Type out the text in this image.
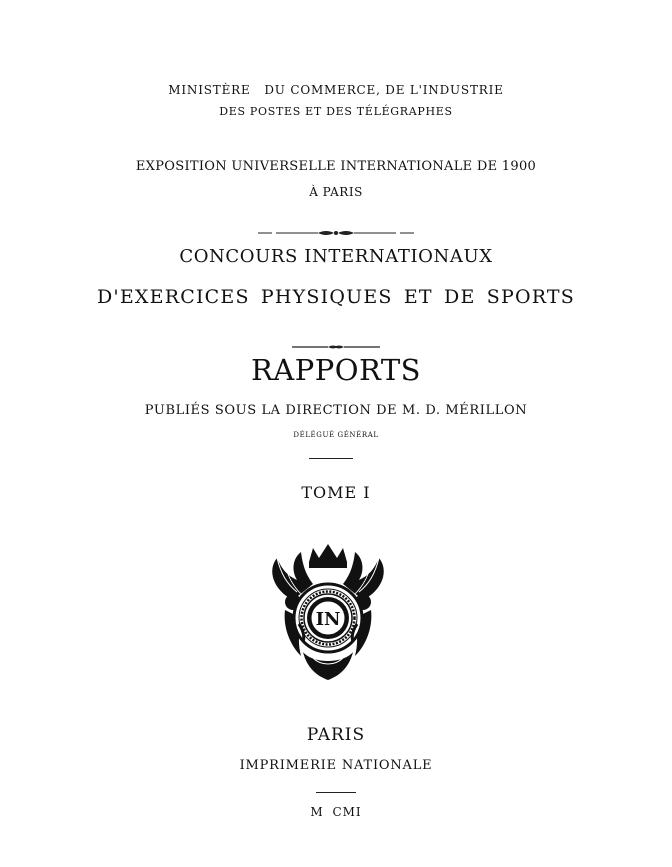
MINISTÈRE   DU COMMERCE, DE L'INDUSTRIE
DES POSTES ET DES TÉLÉGRAPHES
EXPOSITION UNIVERSELLE INTERNATIONALE DE 1900
À PARIS
CONCOURS INTERNATIONAUX
D'EXERCICES PHYSIQUES ET DE SPORTS
RAPPORTS
PUBLIÉS SOUS LA DIRECTION DE M. D. MÉRILLON
DÉLÉGUÉ GÉNÉRAL
TOME I
IN
PARIS
IMPRIMERIE NATIONALE
M CMI
